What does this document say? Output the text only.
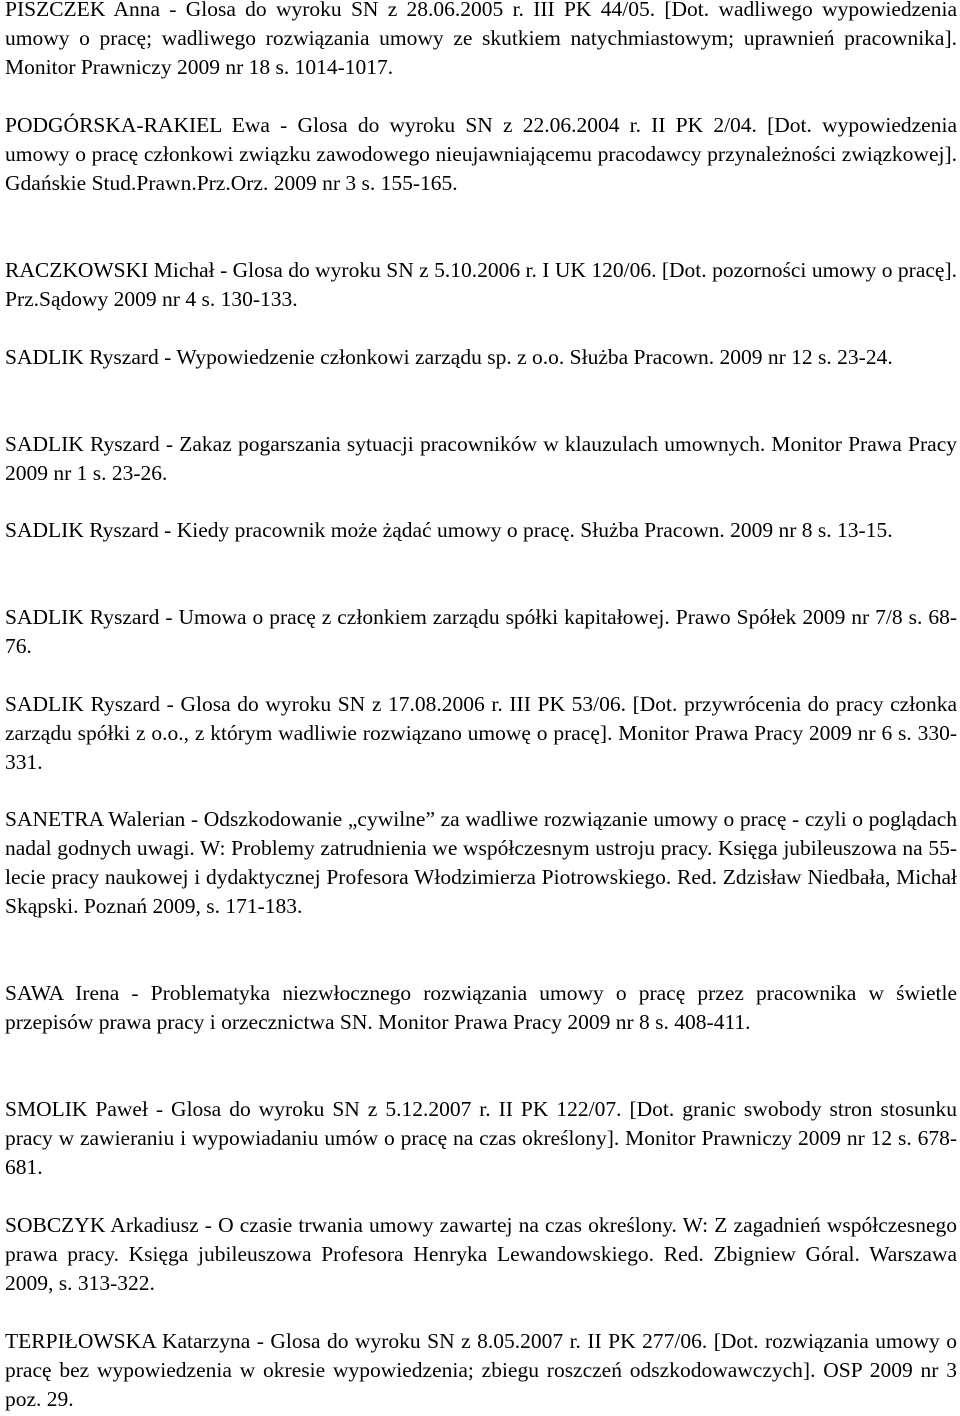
PISZCZEK Anna - Glosa do wyroku SN z 28.06.2005 r. III PK 44/05. [Dot. wadliwego wypowiedzenia umowy o pracę; wadliwego rozwiązania umowy ze skutkiem natychmiastowym; uprawnień pracownika]. Monitor Prawniczy 2009 nr 18 s. 1014-1017.

PODGÓRSKA-RAKIEL Ewa - Glosa do wyroku SN z 22.06.2004 r. II PK 2/04. [Dot. wypowiedzenia umowy o pracę członkowi związku zawodowego nieujawniającemu pracodawcy przynależności związkowej]. Gdańskie Stud.Prawn.Prz.Orz. 2009 nr 3 s. 155-165.

RACZKOWSKI Michał - Glosa do wyroku SN z 5.10.2006 r. I UK 120/06. [Dot. pozorności umowy o pracę]. Prz.Sądowy 2009 nr 4 s. 130-133.

SADLIK Ryszard - Wypowiedzenie członkowi zarządu sp. z o.o. Służba Pracown. 2009 nr 12 s. 23-24.

SADLIK Ryszard - Zakaz pogarszania sytuacji pracowników w klauzulach umownych. Monitor Prawa Pracy 2009 nr 1 s. 23-26.

SADLIK Ryszard - Kiedy pracownik może żądać umowy o pracę. Służba Pracown. 2009 nr 8 s. 13-15.

SADLIK Ryszard - Umowa o pracę z członkiem zarządu spółki kapitałowej. Prawo Spółek 2009 nr 7/8 s. 68-76.

SADLIK Ryszard - Glosa do wyroku SN z 17.08.2006 r. III PK 53/06. [Dot. przywrócenia do pracy członka zarządu spółki z o.o., z którym wadliwie rozwiązano umowę o pracę]. Monitor Prawa Pracy 2009 nr 6 s. 330-331.

SANETRA Walerian - Odszkodowanie „cywilne” za wadliwe rozwiązanie umowy o pracę - czyli o poglądach nadal godnych uwagi. W: Problemy zatrudnienia we współczesnym ustroju pracy. Księga jubileuszowa na 55-lecie pracy naukowej i dydaktycznej Profesora Włodzimierza Piotrowskiego. Red. Zdzisław Niedbała, Michał Skąpski. Poznań 2009, s. 171-183.

SAWA Irena - Problematyka niezwłocznego rozwiązania umowy o pracę przez pracownika w świetle przepisów prawa pracy i orzecznictwa SN. Monitor Prawa Pracy 2009 nr 8 s. 408-411.

SMOLIK Paweł - Glosa do wyroku SN z 5.12.2007 r. II PK 122/07. [Dot. granic swobody stron stosunku pracy w zawieraniu i wypowiadaniu umów o pracę na czas określony]. Monitor Prawniczy 2009 nr 12 s. 678-681.

SOBCZYK Arkadiusz - O czasie trwania umowy zawartej na czas określony. W: Z zagadnień współczesnego prawa pracy. Księga jubileuszowa Profesora Henryka Lewandowskiego. Red. Zbigniew Góral. Warszawa 2009, s. 313-322.

TERPIŁOWSKA Katarzyna - Glosa do wyroku SN z 8.05.2007 r. II PK 277/06. [Dot. rozwiązania umowy o pracę bez wypowiedzenia w okresie wypowiedzenia; zbiegu roszczeń odszkodowawczych]. OSP 2009 nr 3 poz. 29.
